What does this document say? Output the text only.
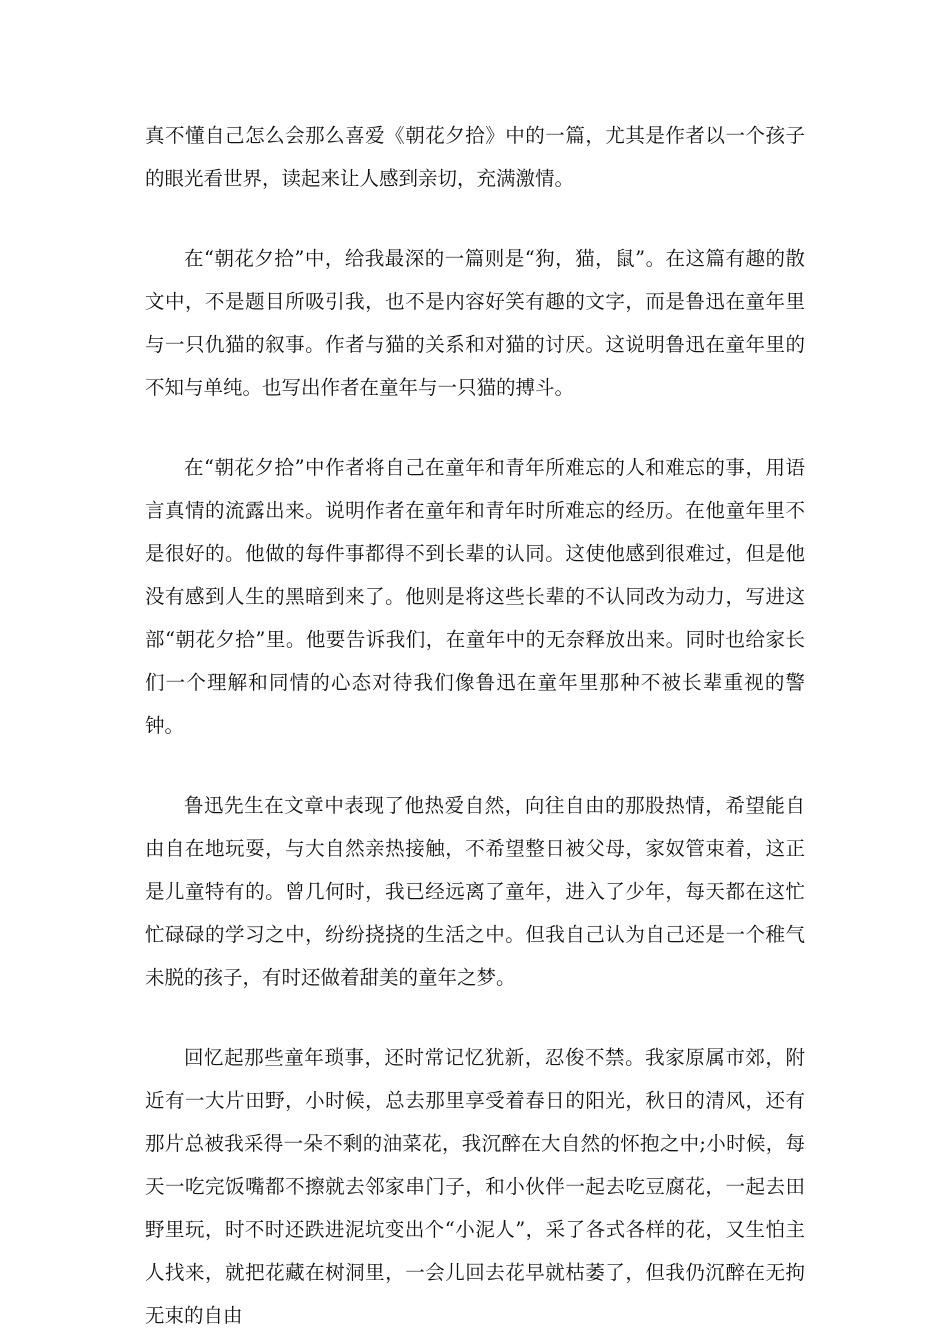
真不懂自己怎么会那么喜爱《朝花夕拾》中的一篇，尤其是作者以一个孩子的眼光看世界，读起来让人感到亲切，充满激情。

在“朝花夕拾”中，给我最深的一篇则是“狗，猫，鼠”。在这篇有趣的散文中，不是题目所吸引我，也不是内容好笑有趣的文字，而是鲁迅在童年里与一只仇猫的叙事。作者与猫的关系和对猫的讨厌。这说明鲁迅在童年里的不知与单纯。也写出作者在童年与一只猫的搏斗。

在“朝花夕拾”中作者将自己在童年和青年所难忘的人和难忘的事，用语言真情的流露出来。说明作者在童年和青年时所难忘的经历。在他童年里不是很好的。他做的每件事都得不到长辈的认同。这使他感到很难过，但是他没有感到人生的黑暗到来了。他则是将这些长辈的不认同改为动力，写进这部“朝花夕拾”里。他要告诉我们，在童年中的无奈释放出来。同时也给家长们一个理解和同情的心态对待我们像鲁迅在童年里那种不被长辈重视的警钟。

鲁迅先生在文章中表现了他热爱自然，向往自由的那股热情，希望能自由自在地玩耍，与大自然亲热接触，不希望整日被父母，家奴管束着，这正是儿童特有的。曾几何时，我已经远离了童年，进入了少年，每天都在这忙忙碌碌的学习之中，纷纷挠挠的生活之中。但我自己认为自己还是一个稚气未脱的孩子，有时还做着甜美的童年之梦。

回忆起那些童年琐事，还时常记忆犹新，忍俊不禁。我家原属市郊，附近有一大片田野，小时候，总去那里享受着春日的阳光，秋日的清风，还有那片总被我采得一朵不剩的油菜花，我沉醉在大自然的怀抱之中;小时候，每天一吃完饭嘴都不擦就去邻家串门子，和小伙伴一起去吃豆腐花，一起去田野里玩，时不时还跌进泥坑变出个“小泥人”，采了各式各样的花，又生怕主人找来，就把花藏在树洞里，一会儿回去花早就枯萎了，但我仍沉醉在无拘无束的自由
